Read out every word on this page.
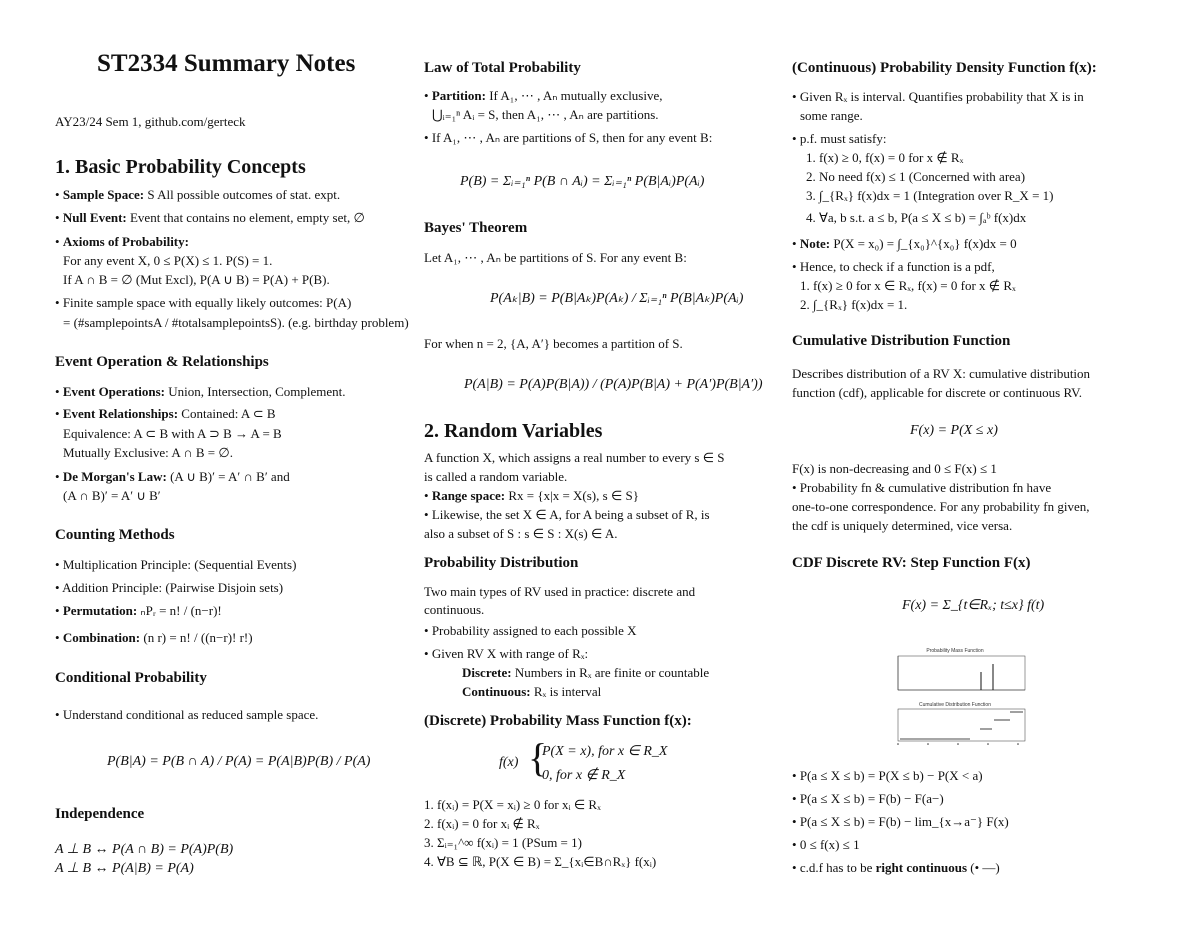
ST2334 Summary Notes
AY23/24 Sem 1, github.com/gerteck
1. Basic Probability Concepts
• Sample Space: S All possible outcomes of stat. expt.
• Null Event: Event that contains no element, empty set, ∅
• Axioms of Probability:
For any event X, 0 ≤ P(X) ≤ 1. P(S) = 1.
If A ∩ B = ∅ (Mut Excl), P(A ∪ B) = P(A) + P(B).
• Finite sample space with equally likely outcomes: P(A)
= (#samplepointsA / #totalsamplepointsS). (e.g. birthday problem)
Event Operation & Relationships
• Event Operations: Union, Intersection, Complement.
• Event Relationships: Contained: A ⊂ B
Equivalence: A ⊂ B with A ⊃ B → A = B
Mutually Exclusive: A ∩ B = ∅.
• De Morgan's Law: (A ∪ B)′ = A′ ∩ B′ and
(A ∩ B)′ = A′ ∪ B′
Counting Methods
• Multiplication Principle: (Sequential Events)
• Addition Principle: (Pairwise Disjoin sets)
• Permutation: ₙPᵣ = n! / (n−r)!
• Combination: (n r) = n! / ((n−r)! r!)
Conditional Probability
• Understand conditional as reduced sample space.
P(B|A) = P(B ∩ A) / P(A) = P(A|B)P(B) / P(A)
Independence
A ⊥ B ↔ P(A ∩ B) = P(A)P(B)
A ⊥ B ↔ P(A|B) = P(A)
Law of Total Probability
• Partition: If A₁, ⋯ , Aₙ mutually exclusive,
⋃ᵢ₌₁ⁿ Aᵢ = S, then A₁, ⋯ , Aₙ are partitions.
• If A₁, ⋯ , Aₙ are partitions of S, then for any event B:
P(B) = Σᵢ₌₁ⁿ P(B ∩ Aᵢ) = Σᵢ₌₁ⁿ P(B|Aᵢ)P(Aᵢ)
Bayes' Theorem
Let A₁, ⋯ , Aₙ be partitions of S. For any event B:
P(Aₖ|B) = P(B|Aₖ)P(Aₖ) / Σᵢ₌₁ⁿ P(B|Aₖ)P(Aᵢ)
For when n = 2, {A, A′} becomes a partition of S.
P(A|B) = P(A)P(B|A)) / (P(A)P(B|A) + P(A′)P(B|A′))
2. Random Variables
A function X, which assigns a real number to every s ∈ S
is called a random variable.
• Range space: Rx = {x|x = X(s), s ∈ S}
• Likewise, the set X ∈ A, for A being a subset of R, is
also a subset of S : s ∈ S : X(s) ∈ A.
Probability Distribution
Two main types of RV used in practice: discrete and
continuous.
• Probability assigned to each possible X
• Given RV X with range of Rₓ:
Discrete: Numbers in Rₓ are finite or countable
Continuous: Rₓ is interval
(Discrete) Probability Mass Function f(x):
f(x) {
P(X = x), for x ∈ R_X
0, for x ∉ R_X
1. f(xᵢ) = P(X = xᵢ) ≥ 0 for xᵢ ∈ Rₓ
2. f(xᵢ) = 0 for xᵢ ∉ Rₓ
3. Σᵢ₌₁^∞ f(xᵢ) = 1 (PSum = 1)
4. ∀B ⊆ ℝ, P(X ∈ B) = Σ_{xᵢ∈B∩Rₓ} f(xᵢ)
(Continuous) Probability Density Function f(x):
• Given Rₓ is interval. Quantifies probability that X is in
some range.
• p.f. must satisfy:
1. f(x) ≥ 0, f(x) = 0 for x ∉ Rₓ
2. No need f(x) ≤ 1 (Concerned with area)
3. ∫_{Rₓ} f(x)dx = 1 (Integration over R_X = 1)
4. ∀a, b s.t. a ≤ b, P(a ≤ X ≤ b) = ∫ₐᵇ f(x)dx
• Note: P(X = x₀) = ∫_{x₀}^{x₀} f(x)dx = 0
• Hence, to check if a function is a pdf,
1. f(x) ≥ 0 for x ∈ Rₓ, f(x) = 0 for x ∉ Rₓ
2. ∫_{Rₓ} f(x)dx = 1.
Cumulative Distribution Function
Describes distribution of a RV X: cumulative distribution
function (cdf), applicable for discrete or continuous RV.
F(x) = P(X ≤ x)
F(x) is non-decreasing and 0 ≤ F(x) ≤ 1
• Probability fn & cumulative distribution fn have
one-to-one correspondence. For any probability fn given,
the cdf is uniquely determined, vice versa.
CDF Discrete RV: Step Function F(x)
F(x) = Σ_{t∈Rₓ; t≤x} f(t)
Probability Mass Function
Cumulative Distribution Function
• P(a ≤ X ≤ b) = P(X ≤ b) − P(X < a)
• P(a ≤ X ≤ b) = F(b) − F(a−)
• P(a ≤ X ≤ b) = F(b) − lim_{x→a⁻} F(x)
• 0 ≤ f(x) ≤ 1
• c.d.f has to be right continuous (• —)
